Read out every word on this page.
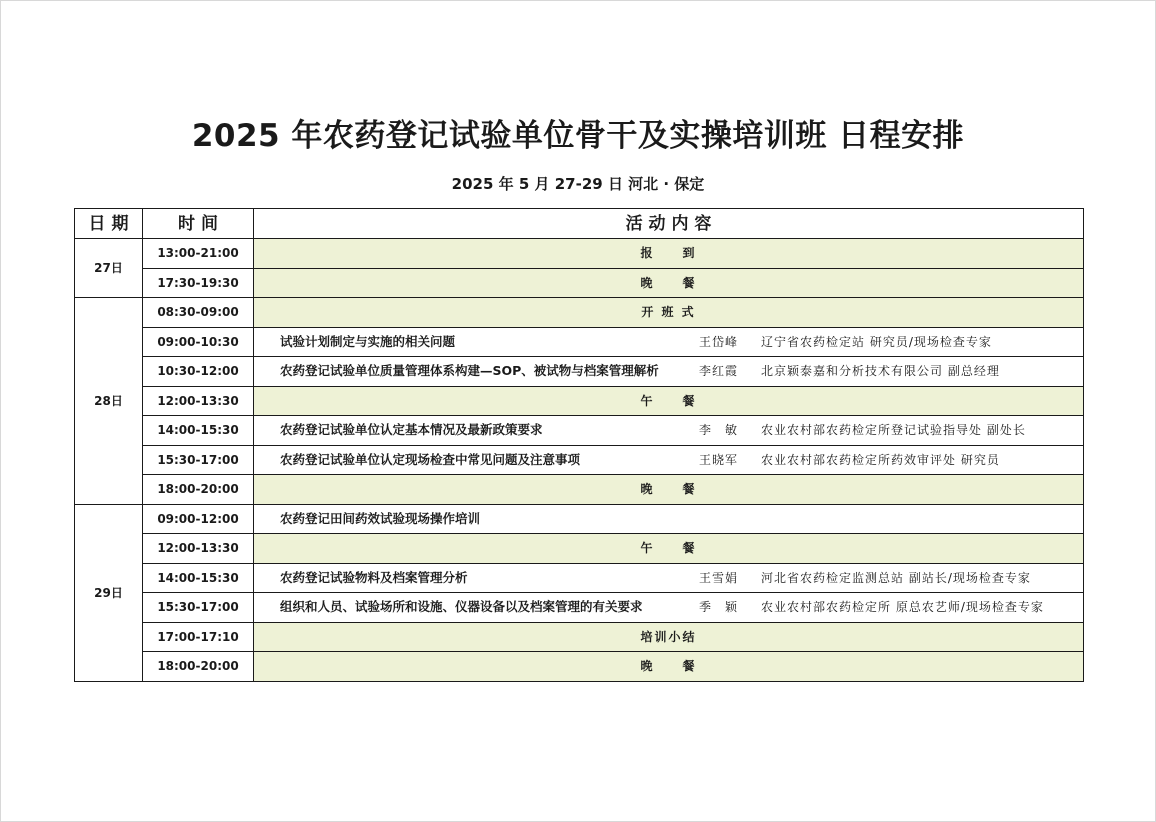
2025 年农药登记试验单位骨干及实操培训班 日程安排
2025 年 5 月 27-29 日 河北 · 保定
日 期	时 间	活 动 内 容
27日	13:00-21:00	报　　到
	17:30-19:30	晚　　餐
28日	08:30-09:00	开 班 式
	09:00-10:30	试验计划制定与实施的相关问题 王岱峰 辽宁省农药检定站 研究员/现场检查专家

	10:30-12:00	农药登记试验单位质量管理体系构建—SOP、被试物与档案管理解析 李红霞 北京颖泰嘉和分析技术有限公司 副总经理

	12:00-13:30	午　　餐
	14:00-15:30	农药登记试验单位认定基本情况及最新政策要求 李　敏 农业农村部农药检定所登记试验指导处 副处长

	15:30-17:00	农药登记试验单位认定现场检查中常见问题及注意事项 王晓军 农业农村部农药检定所药效审评处 研究员

	18:00-20:00	晚　　餐
29日	09:00-12:00	农药登记田间药效试验现场操作培训

	12:00-13:30	午　　餐
	14:00-15:30	农药登记试验物料及档案管理分析 王雪娟 河北省农药检定监测总站 副站长/现场检查专家

	15:30-17:00	组织和人员、试验场所和设施、仪器设备以及档案管理的有关要求 季　颖 农业农村部农药检定所 原总农艺师/现场检查专家

	17:00-17:10	培训小结
	18:00-20:00	晚　　餐
